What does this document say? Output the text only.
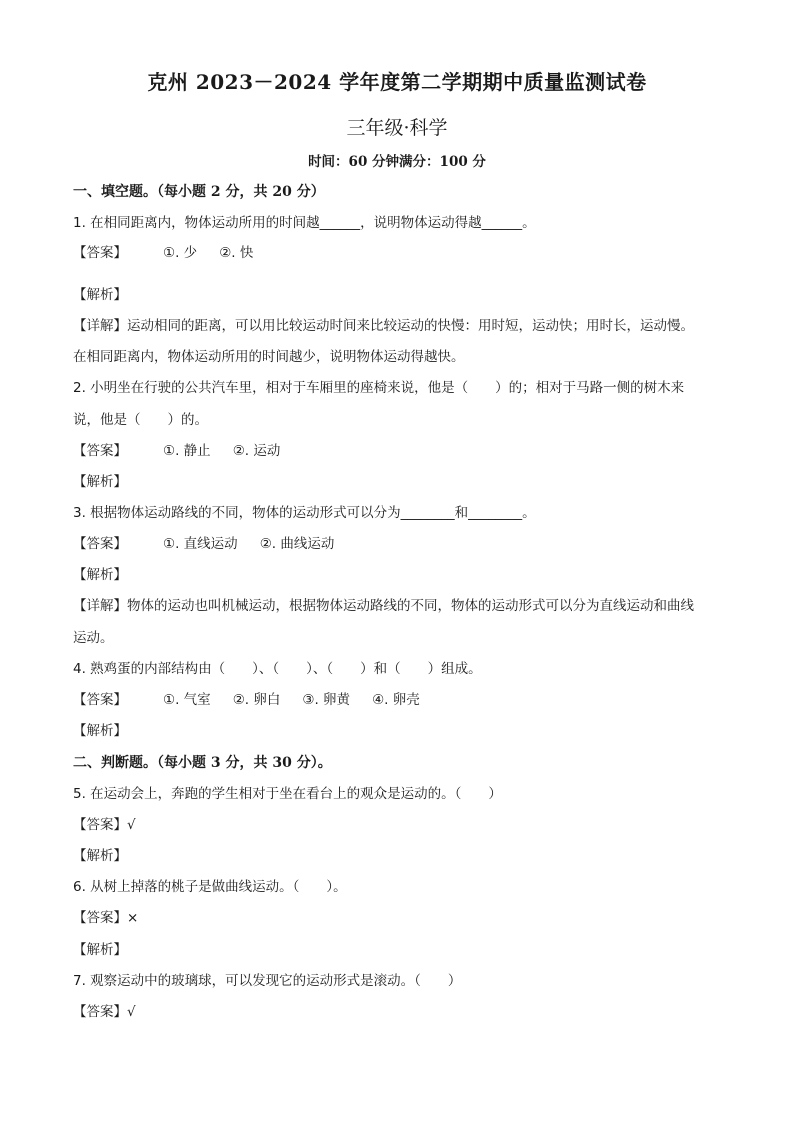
克州 2023－2024 学年度第二学期期中质量监测试卷
三年级·科学
时间：60 分钟满分：100 分
一、填空题。（每小题 2 分，共 20 分）
1. 在相同距离内，物体运动所用的时间越______，说明物体运动得越______。
【答案】	①. 少 ②. 快
【解析】
【详解】运动相同的距离，可以用比较运动时间来比较运动的快慢：用时短，运动快；用时长，运动慢。
在相同距离内，物体运动所用的时间越少，说明物体运动得越快。
2. 小明坐在行驶的公共汽车里，相对于车厢里的座椅来说，他是（　　）的；相对于马路一侧的树木来
说，他是（　　）的。
【答案】	①. 静止 ②. 运动
【解析】
3. 根据物体运动路线的不同，物体的运动形式可以分为________和________。
【答案】	①. 直线运动 ②. 曲线运动
【解析】
【详解】物体的运动也叫机械运动，根据物体运动路线的不同，物体的运动形式可以分为直线运动和曲线
运动。
4. 熟鸡蛋的内部结构由（　　）、（　　）、（　　）和（　　）组成。
【答案】	①. 气室 ②. 卵白 ③. 卵黄 ④. 卵壳
【解析】
二、判断题。（每小题 3 分，共 30 分）。
5. 在运动会上，奔跑的学生相对于坐在看台上的观众是运动的。（　　）
【答案】√
【解析】
6. 从树上掉落的桃子是做曲线运动。（　　）。
【答案】×
【解析】
7. 观察运动中的玻璃球，可以发现它的运动形式是滚动。（　　）
【答案】√
